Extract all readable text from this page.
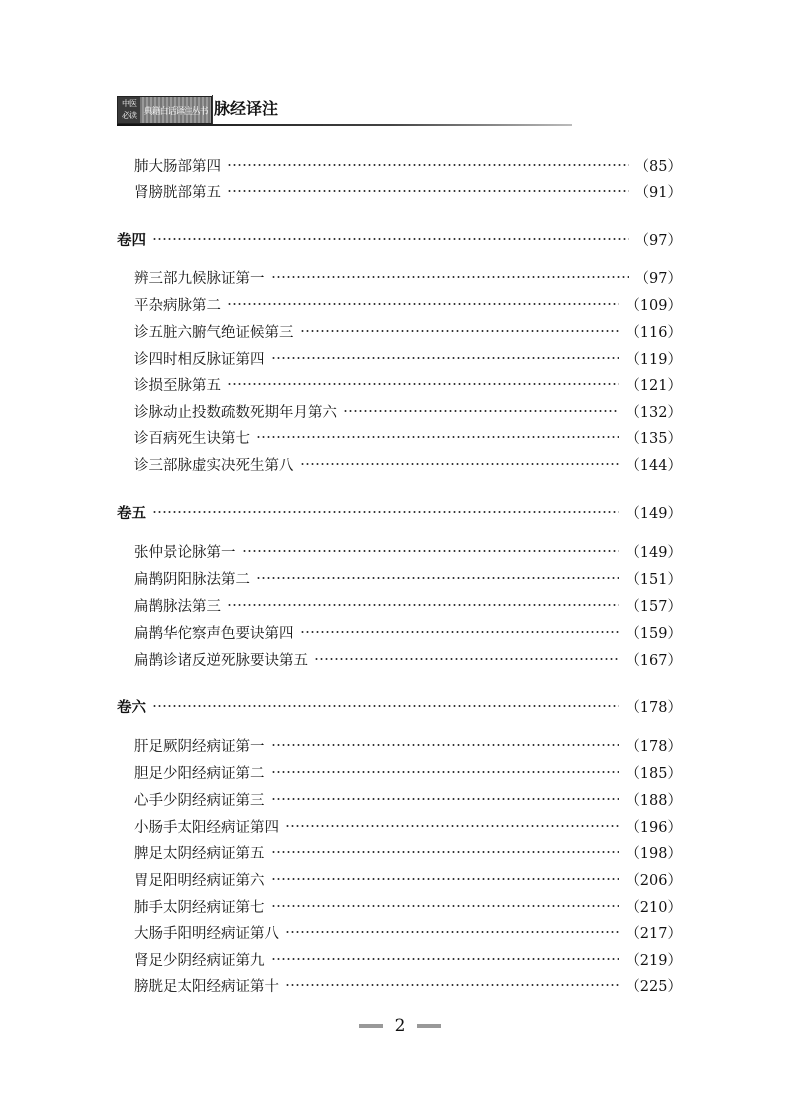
中医
必读 典籍白话译注丛书 脉经译注
肺大肠部第四	（85）
肾膀胱部第五	（91）
卷四	（97）
辨三部九候脉证第一	（97）
平杂病脉第二	（109）
诊五脏六腑气绝证候第三	（116）
诊四时相反脉证第四	（119）
诊损至脉第五	（121）
诊脉动止投数疏数死期年月第六	（132）
诊百病死生诀第七	（135）
诊三部脉虚实决死生第八	（144）
卷五	（149）
张仲景论脉第一	（149）
扁鹊阴阳脉法第二	（151）
扁鹊脉法第三	（157）
扁鹊华佗察声色要诀第四	（159）
扁鹊诊诸反逆死脉要诀第五	（167）
卷六	（178）
肝足厥阴经病证第一	（178）
胆足少阳经病证第二	（185）
心手少阴经病证第三	（188）
小肠手太阳经病证第四	（196）
脾足太阴经病证第五	（198）
胃足阳明经病证第六	（206）
肺手太阴经病证第七	（210）
大肠手阳明经病证第八	（217）
肾足少阴经病证第九	（219）
膀胱足太阳经病证第十	（225）
2
